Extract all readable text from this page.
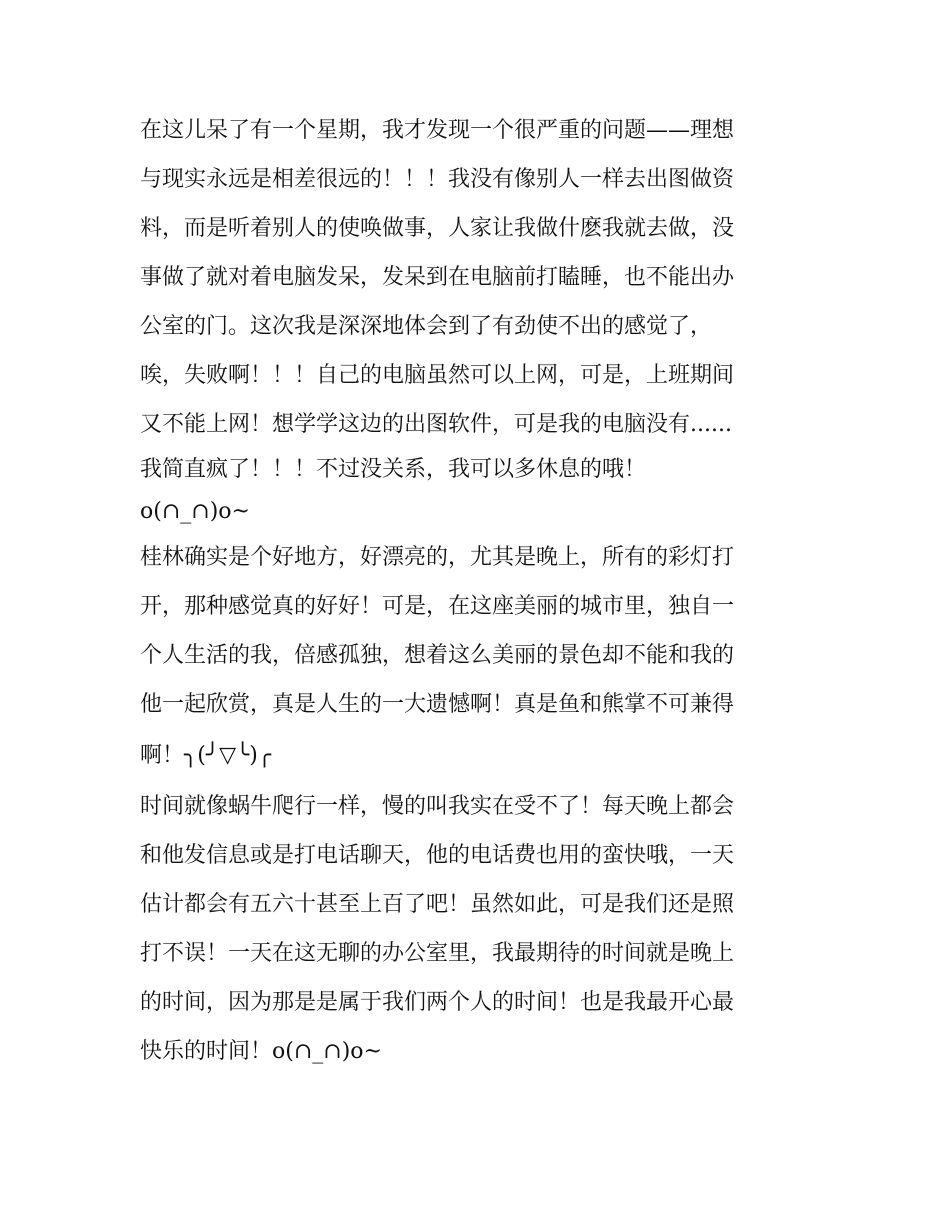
在这儿呆了有一个星期，我才发现一个很严重的问题——理想
与现实永远是相差很远的！！！我没有像别人一样去出图做资
料，而是听着别人的使唤做事，人家让我做什麽我就去做，没
事做了就对着电脑发呆，发呆到在电脑前打瞌睡，也不能出办
公室的门。这次我是深深地体会到了有劲使不出的感觉了，
唉，失败啊！！！自己的电脑虽然可以上网，可是，上班期间
又不能上网！想学学这边的出图软件，可是我的电脑没有......
我简直疯了！！！不过没关系，我可以多休息的哦！
o(∩_∩)o~
桂林确实是个好地方，好漂亮的，尤其是晚上，所有的彩灯打
开，那种感觉真的好好！可是，在这座美丽的城市里，独自一
个人生活的我，倍感孤独，想着这么美丽的景色却不能和我的
他一起欣赏，真是人生的一大遗憾啊！真是鱼和熊掌不可兼得
啊！╮(╯▽╰)╭
时间就像蜗牛爬行一样，慢的叫我实在受不了！每天晚上都会
和他发信息或是打电话聊天，他的电话费也用的蛮快哦，一天
估计都会有五六十甚至上百了吧！虽然如此，可是我们还是照
打不误！一天在这无聊的办公室里，我最期待的时间就是晚上
的时间，因为那是是属于我们两个人的时间！也是我最开心最
快乐的时间！o(∩_∩)o~
